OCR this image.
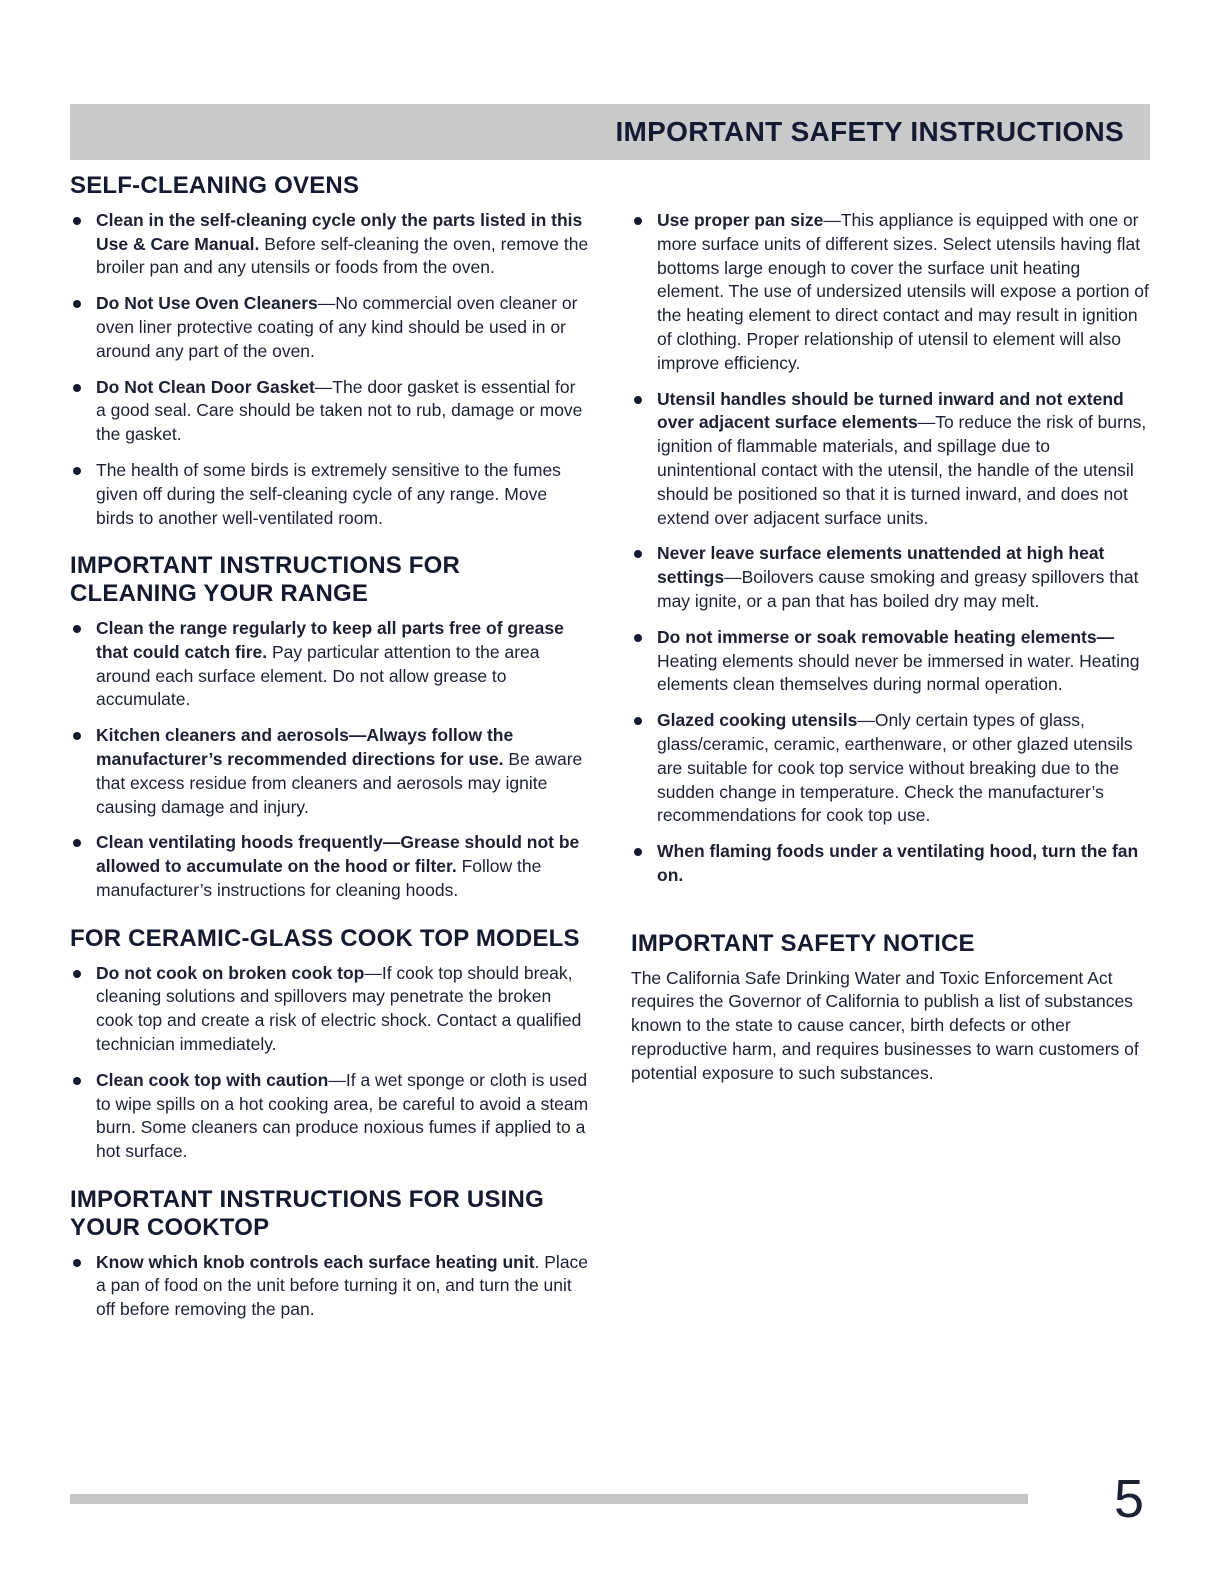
IMPORTANT SAFETY INSTRUCTIONS
SELF-CLEANING OVENS
Clean in the self-cleaning cycle only the parts listed in this Use & Care Manual. Before self-cleaning the oven, remove the broiler pan and any utensils or foods from the oven.
Do Not Use Oven Cleaners—No commercial oven cleaner or oven liner protective coating of any kind should be used in or around any part of the oven.
Do Not Clean Door Gasket—The door gasket is essential for a good seal. Care should be taken not to rub, damage or move the gasket.
The health of some birds is extremely sensitive to the fumes given off during the self-cleaning cycle of any range. Move birds to another well-ventilated room.
IMPORTANT INSTRUCTIONS FOR CLEANING YOUR RANGE
Clean the range regularly to keep all parts free of grease that could catch fire. Pay particular attention to the area around each surface element. Do not allow grease to accumulate.
Kitchen cleaners and aerosols—Always follow the manufacturer’s recommended directions for use. Be aware that excess residue from cleaners and aerosols may ignite causing damage and injury.
Clean ventilating hoods frequently—Grease should not be allowed to accumulate on the hood or filter. Follow the manufacturer’s instructions for cleaning hoods.
FOR CERAMIC-GLASS COOK TOP MODELS
Do not cook on broken cook top—If cook top should break, cleaning solutions and spillovers may penetrate the broken cook top and create a risk of electric shock. Contact a qualified technician immediately.
Clean cook top with caution—If a wet sponge or cloth is used to wipe spills on a hot cooking area, be careful to avoid a steam burn. Some cleaners can produce noxious fumes if applied to a hot surface.
IMPORTANT INSTRUCTIONS FOR USING YOUR COOKTOP
Know which knob controls each surface heating unit. Place a pan of food on the unit before turning it on, and turn the unit off before removing the pan.
Use proper pan size—This appliance is equipped with one or more surface units of different sizes. Select utensils having flat bottoms large enough to cover the surface unit heating element. The use of undersized utensils will expose a portion of the heating element to direct contact and may result in ignition of clothing. Proper relationship of utensil to element will also improve efficiency.
Utensil handles should be turned inward and not extend over adjacent surface elements—To reduce the risk of burns, ignition of flammable materials, and spillage due to unintentional contact with the utensil, the handle of the utensil should be positioned so that it is turned inward, and does not extend over adjacent surface units.
Never leave surface elements unattended at high heat settings—Boilovers cause smoking and greasy spillovers that may ignite, or a pan that has boiled dry may melt.
Do not immerse or soak removable heating elements—Heating elements should never be immersed in water. Heating elements clean themselves during normal operation.
Glazed cooking utensils—Only certain types of glass, glass/ceramic, ceramic, earthenware, or other glazed utensils are suitable for cook top service without breaking due to the sudden change in temperature. Check the manufacturer’s recommendations for cook top use.
When flaming foods under a ventilating hood, turn the fan on.
IMPORTANT SAFETY NOTICE

The California Safe Drinking Water and Toxic Enforcement Act requires the Governor of California to publish a list of substances known to the state to cause cancer, birth defects or other reproductive harm, and requires businesses to warn customers of potential exposure to such substances.

5
